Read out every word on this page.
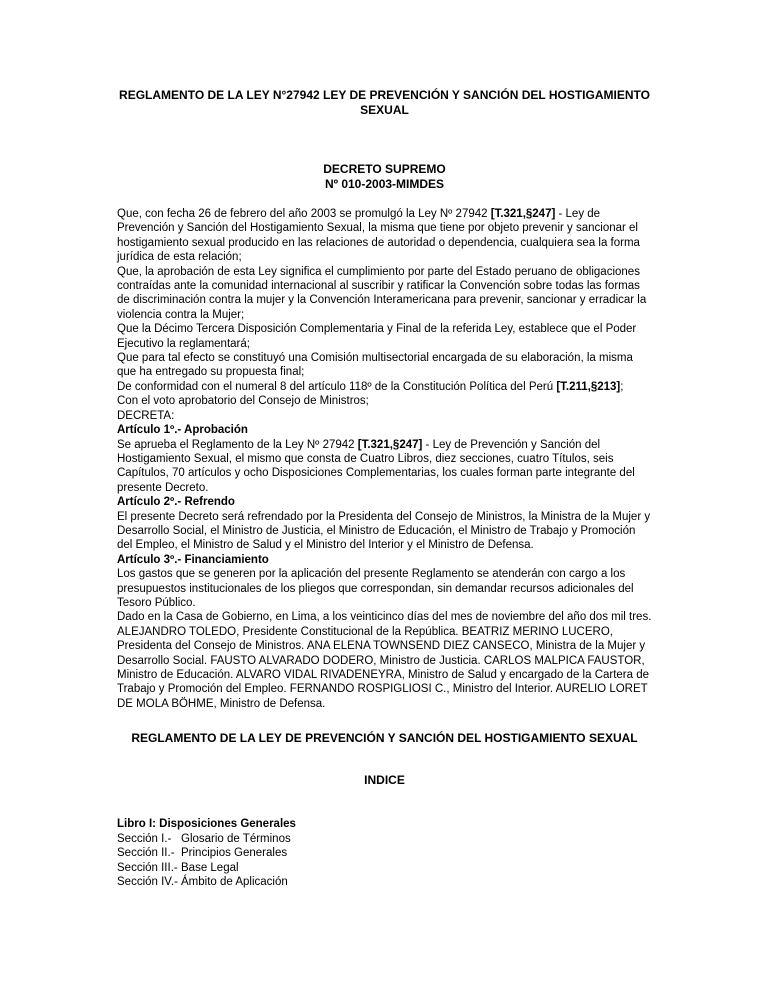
REGLAMENTO DE LA LEY N°27942 LEY DE PREVENCIÓN Y SANCIÓN DEL HOSTIGAMIENTO SEXUAL
DECRETO SUPREMO
Nº 010-2003-MIMDES
Que, con fecha 26 de febrero del año 2003 se promulgó la Ley Nº 27942 [T.321,§247] - Ley de Prevención y Sanción del Hostigamiento Sexual, la misma que tiene por objeto prevenir y sancionar el hostigamiento sexual producido en las relaciones de autoridad o dependencia, cualquiera sea la forma jurídica de esta relación;
Que, la aprobación de esta Ley significa el cumplimiento por parte del Estado peruano de obligaciones contraídas ante la comunidad internacional al suscribir y ratificar la Convención sobre todas las formas de discriminación contra la mujer y la Convención Interamericana para prevenir, sancionar y erradicar la violencia contra la Mujer;
Que la Décimo Tercera Disposición Complementaria y Final de la referida Ley, establece que el Poder Ejecutivo la reglamentará;
Que para tal efecto se constituyó una Comisión multisectorial encargada de su elaboración, la misma que ha entregado su propuesta final;
De conformidad con el numeral 8 del artículo 118º de la Constitución Política del Perú [T.211,§213];
Con el voto aprobatorio del Consejo de Ministros;
DECRETA:
Artículo 1º.- Aprobación
Se aprueba el Reglamento de la Ley Nº 27942 [T.321,§247] - Ley de Prevención y Sanción del Hostigamiento Sexual, el mismo que consta de Cuatro Libros, diez secciones, cuatro Títulos, seis Capítulos, 70 artículos y ocho Disposiciones Complementarias, los cuales forman parte integrante del presente Decreto.
Artículo 2º.- Refrendo
El presente Decreto será refrendado por la Presidenta del Consejo de Ministros, la Ministra de la Mujer y Desarrollo Social, el Ministro de Justicia, el Ministro de Educación, el Ministro de Trabajo y Promoción del Empleo, el Ministro de Salud y el Ministro del Interior y el Ministro de Defensa.
Artículo 3º.- Financiamiento
Los gastos que se generen por la aplicación del presente Reglamento se atenderán con cargo a los presupuestos institucionales de los pliegos que correspondan, sin demandar recursos adicionales del Tesoro Público.
Dado en la Casa de Gobierno, en Lima, a los veinticinco días del mes de noviembre del año dos mil tres.
ALEJANDRO TOLEDO, Presidente Constitucional de la República. BEATRIZ MERINO LUCERO, Presidenta del Consejo de Ministros. ANA ELENA TOWNSEND DIEZ CANSECO, Ministra de la Mujer y Desarrollo Social. FAUSTO ALVARADO DODERO, Ministro de Justicia. CARLOS MALPICA FAUSTOR, Ministro de Educación. ALVARO VIDAL RIVADENEYRA, Ministro de Salud y encargado de la Cartera de Trabajo y Promoción del Empleo. FERNANDO ROSPIGLIOSI C., Ministro del Interior. AURELIO LORET DE MOLA BÖHME, Ministro de Defensa.
REGLAMENTO DE LA LEY DE PREVENCIÓN Y SANCIÓN DEL HOSTIGAMIENTO SEXUAL
INDICE
Libro I: Disposiciones Generales
Sección I.- Glosario de Términos
Sección II.- Principios Generales
Sección III.- Base Legal
Sección IV.- Ámbito de Aplicación
